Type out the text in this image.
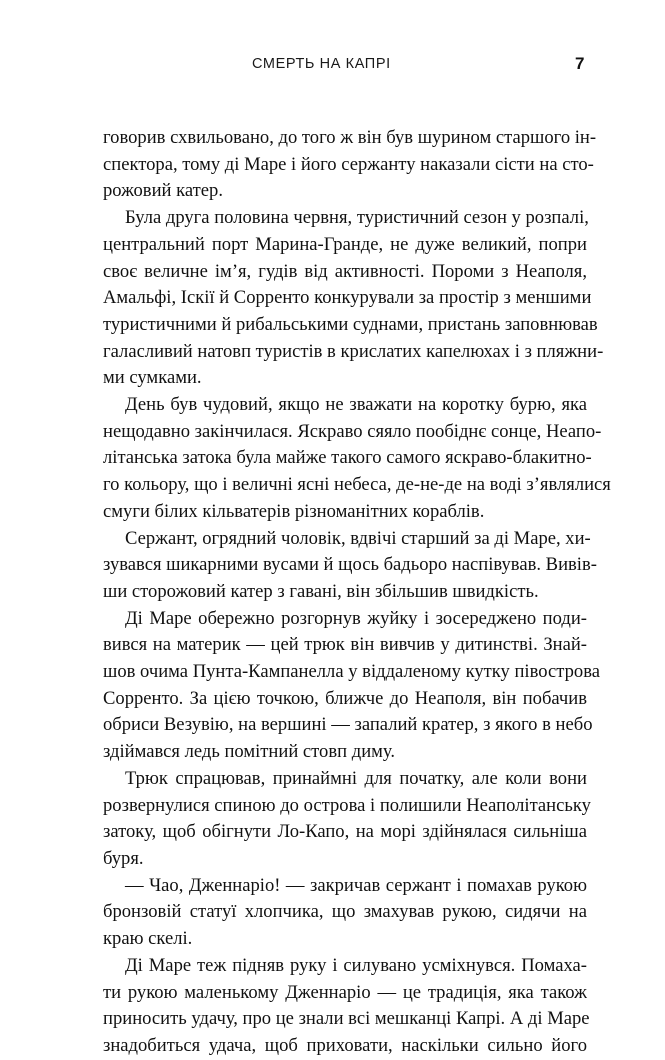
СМЕРТЬ НА КАПРІ	7
говорив схвильовано, до того ж він був шурином старшого ін-
спектора, тому ді Маре і його сержанту наказали сісти на сто-
рожовий катер.
Була друга половина червня, туристичний сезон у розпалі,
центральний порт Марина-Гранде, не дуже великий, попри
своє величне ім’я, гудів від активності. Пороми з Неаполя,
Амальфі, Іскії й Сорренто конкурували за простір з меншими
туристичними й рибальськими суднами, пристань заповнював
галасливий натовп туристів в крислатих капелюхах і з пляжни-
ми сумками.
День був чудовий, якщо не зважати на коротку бурю, яка
нещодавно закінчилася. Яскраво сяяло пообіднє сонце, Неапо-
літанська затока була майже такого самого яскраво-блакитно-
го кольору, що і величні ясні небеса, де-не-де на воді з’являлися
смуги білих кільватерів різноманітних кораблів.
Сержант, огрядний чоловік, вдвічі старший за ді Маре, хи-
зувався шикарними вусами й щось бадьоро наспівував. Вивів-
ши сторожовий катер з гавані, він збільшив швидкість.
Ді Маре обережно розгорнув жуйку і зосереджено поди-
вився на материк — цей трюк він вивчив у дитинстві. Знай-
шов очима Пунта-Кампанелла у віддаленому кутку півострова
Сорренто. За цією точкою, ближче до Неаполя, він побачив
обриси Везувію, на вершині — запалий кратер, з якого в небо
здіймався ледь помітний стовп диму.
Трюк спрацював, принаймні для початку, але коли вони
розвернулися спиною до острова і полишили Неаполітанську
затоку, щоб обігнути Ло-Капо, на морі здійнялася сильніша
буря.
— Чао, Дженнаріо! — закричав сержант і помахав рукою
бронзовій статуї хлопчика, що змахував рукою, сидячи на
краю скелі.
Ді Маре теж підняв руку і силувано усміхнувся. Помаха-
ти рукою маленькому Дженнаріо — це традиція, яка також
приносить удачу, про це знали всі мешканці Капрі. А ді Маре
знадобиться удача, щоб приховати, наскільки сильно його
